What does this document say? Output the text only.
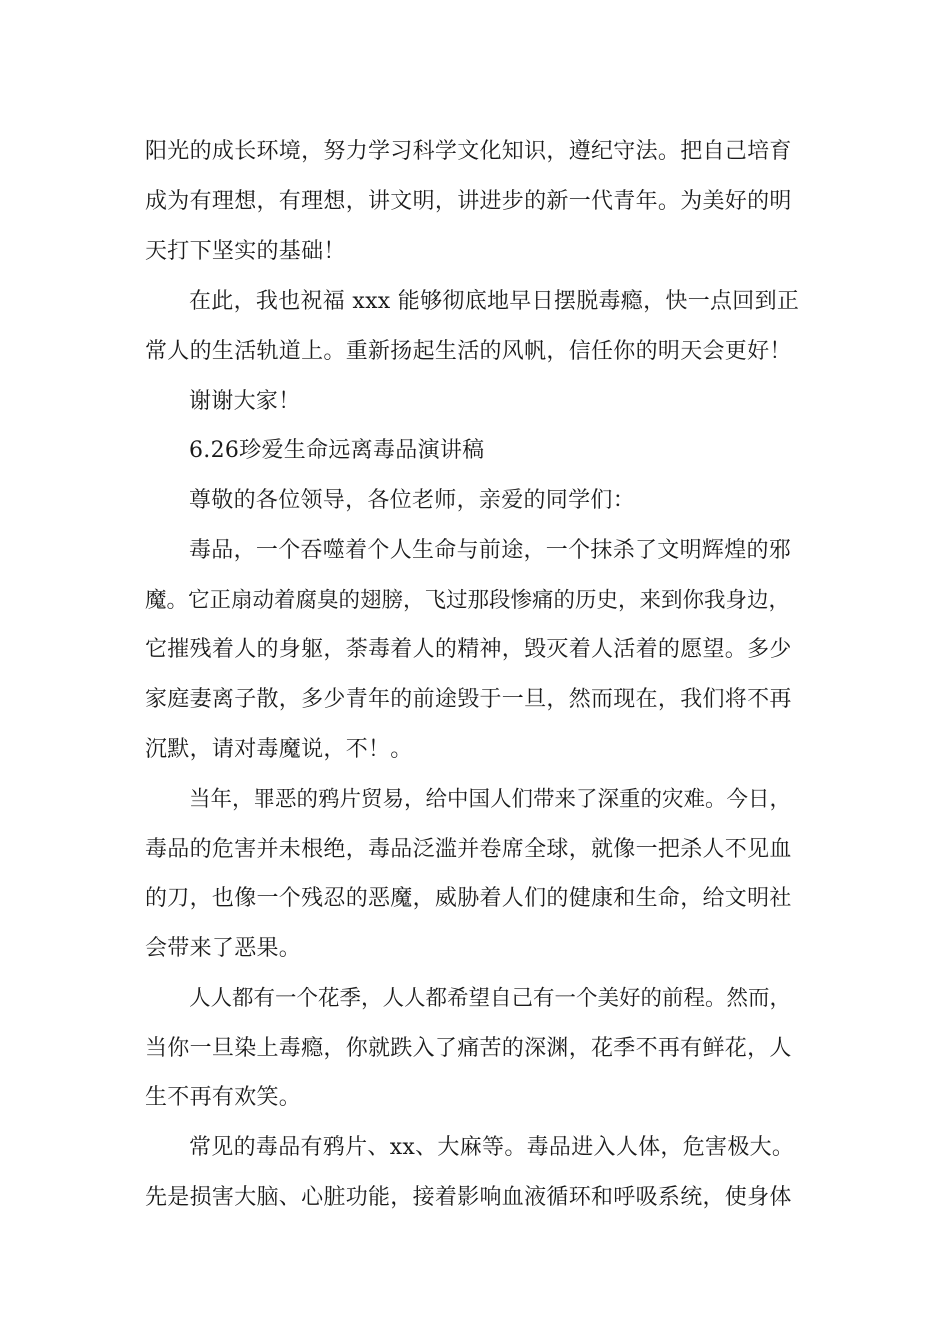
阳光的成长环境，努力学习科学文化知识，遵纪守法。把自己培育
成为有理想，有理想，讲文明，讲进步的新一代青年。为美好的明
天打下坚实的基础！
在此，我也祝福 xxx 能够彻底地早日摆脱毒瘾，快一点回到正
常人的生活轨道上。重新扬起生活的风帆，信任你的明天会更好！
谢谢大家！
6.26珍爱生命远离毒品演讲稿
尊敬的各位领导，各位老师，亲爱的同学们：
毒品，一个吞噬着个人生命与前途，一个抹杀了文明辉煌的邪
魔。它正扇动着腐臭的翅膀，飞过那段惨痛的历史，来到你我身边，
它摧残着人的身躯，荼毒着人的精神，毁灭着人活着的愿望。多少
家庭妻离子散，多少青年的前途毁于一旦，然而现在，我们将不再
沉默，请对毒魔说，不！。
当年，罪恶的鸦片贸易，给中国人们带来了深重的灾难。今日，
毒品的危害并未根绝，毒品泛滥并卷席全球，就像一把杀人不见血
的刀，也像一个残忍的恶魔，威胁着人们的健康和生命，给文明社
会带来了恶果。
人人都有一个花季，人人都希望自己有一个美好的前程。然而，
当你一旦染上毒瘾，你就跌入了痛苦的深渊，花季不再有鲜花，人
生不再有欢笑。
常见的毒品有鸦片、xx、大麻等。毒品进入人体，危害极大。
先是损害大脑、心脏功能，接着影响血液循环和呼吸系统，使身体
